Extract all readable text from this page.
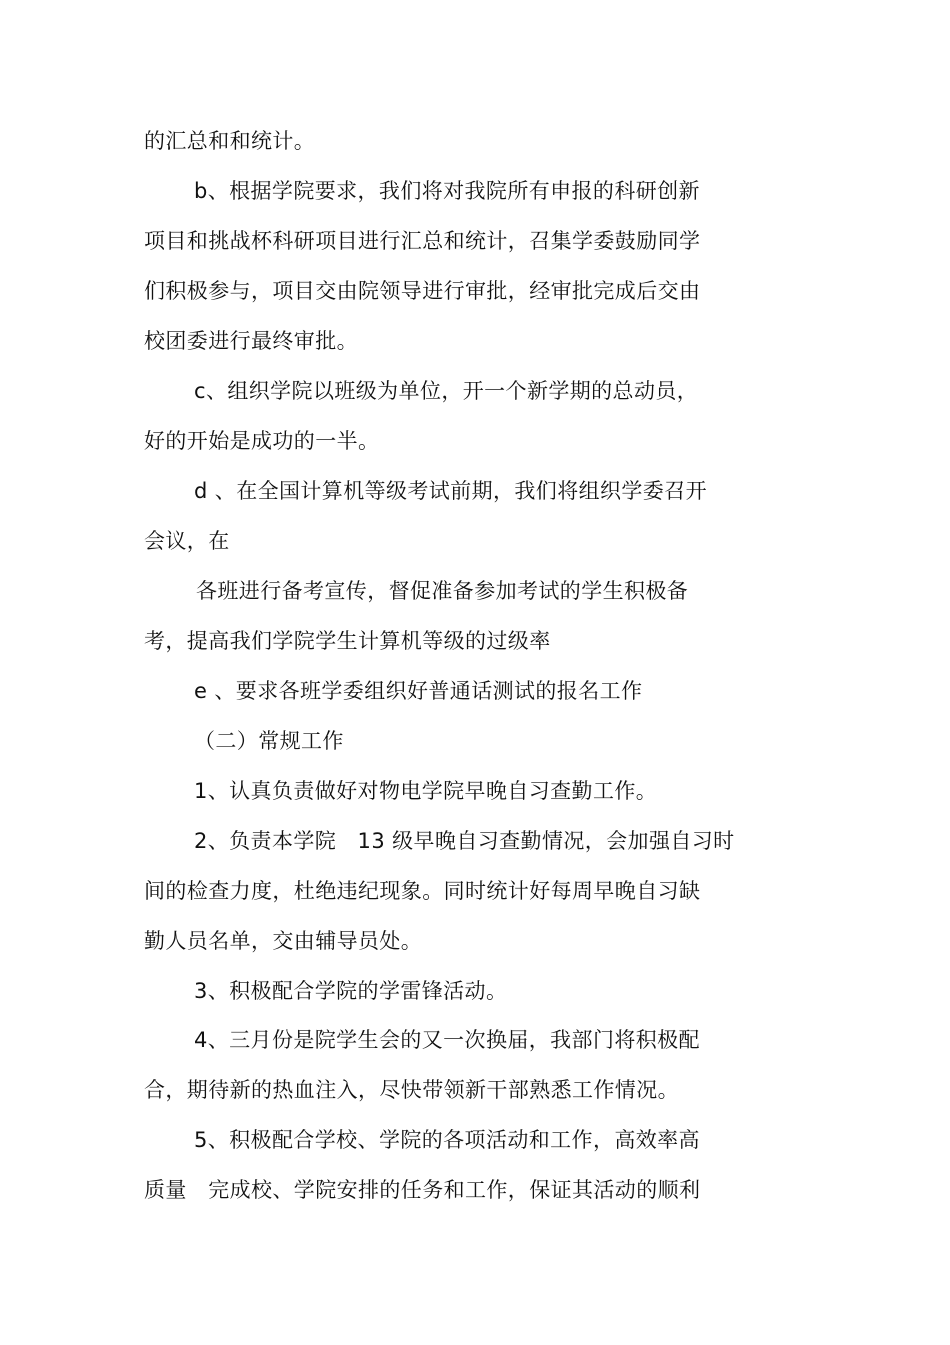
的汇总和和统计。
b、根据学院要求，我们将对我院所有申报的科研创新
项目和挑战杯科研项目进行汇总和统计，召集学委鼓励同学
们积极参与，项目交由院领导进行审批，经审批完成后交由
校团委进行最终审批。
c、组织学院以班级为单位，开一个新学期的总动员，
好的开始是成功的一半。
d 、在全国计算机等级考试前期，我们将组织学委召开
会议，在
各班进行备考宣传，督促准备参加考试的学生积极备
考，提高我们学院学生计算机等级的过级率
e 、要求各班学委组织好普通话测试的报名工作
（二）常规工作
1、认真负责做好对物电学院早晚自习查勤工作。
2、负责本学院　13 级早晚自习查勤情况，会加强自习时
间的检查力度，杜绝违纪现象。同时统计好每周早晚自习缺
勤人员名单，交由辅导员处。
3、积极配合学院的学雷锋活动。
4、三月份是院学生会的又一次换届，我部门将积极配
合，期待新的热血注入，尽快带领新干部熟悉工作情况。
5、积极配合学校、学院的各项活动和工作，高效率高
质量　完成校、学院安排的任务和工作，保证其活动的顺利
